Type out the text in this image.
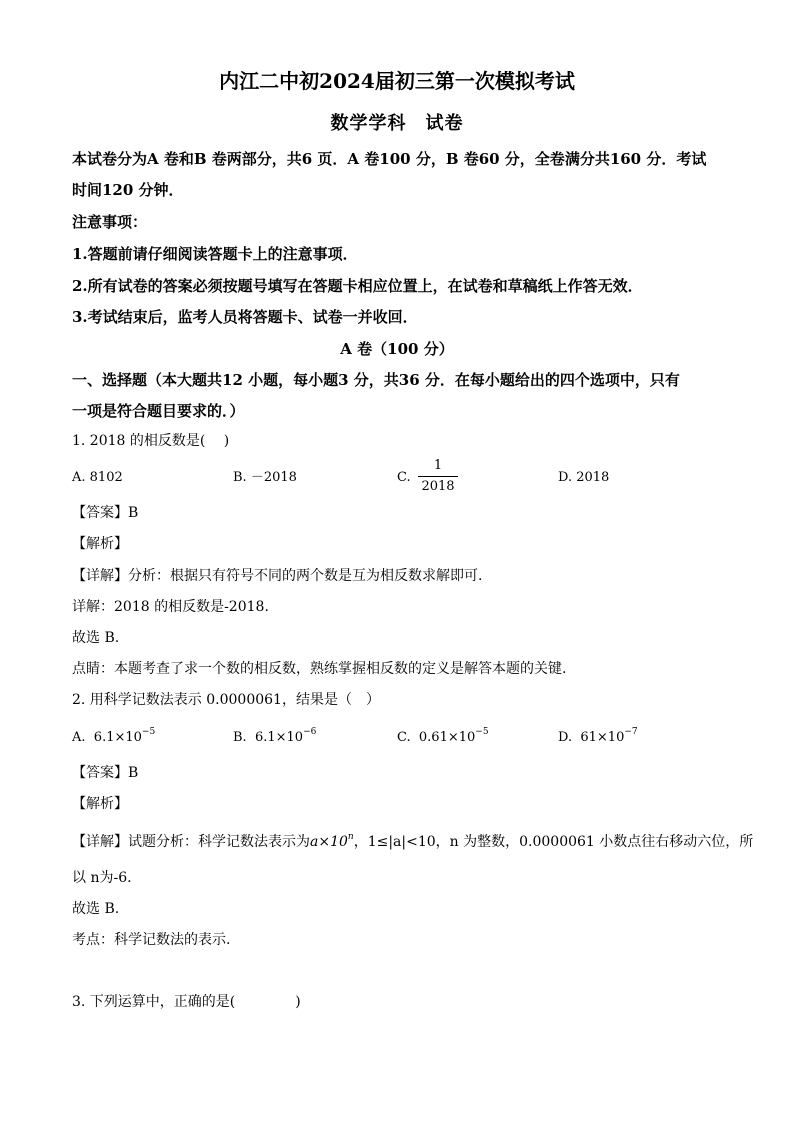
内江二中初2024届初三第一次模拟考试
数学学科　试卷
本试卷分为A 卷和B 卷两部分，共6 页．A 卷100 分，B 卷60 分，全卷满分共160 分．考试
时间120 分钟．
注意事项：
1.答题前请仔细阅读答题卡上的注意事项．
2.所有试卷的答案必须按题号填写在答题卡相应位置上，在试卷和草稿纸上作答无效．
3.考试结束后，监考人员将答题卡、试卷一并收回．
A 卷（100 分）
一、选择题（本大题共12 小题，每小题3 分，共36 分．在每小题给出的四个选项中，只有
一项是符合题目要求的．）
1. 2018 的相反数是(　 )
A. 8102	B. －2018	C.
1
2018
D. 2018
【答案】B
【解析】
【详解】分析：根据只有符号不同的两个数是互为相反数求解即可.
详解：2018 的相反数是-2018.
故选 B.
点睛：本题考查了求一个数的相反数，熟练掌握相反数的定义是解答本题的关键.
2. 用科学记数法表示 0.0000061，结果是（　）
A. $6.1\times 10^{-5}$	B. $6.1\times 10^{-6}$	C. $0.61\times 10^{-5}$	D. $61\times 10^{-7}$
【答案】B
【解析】
【详解】试题分析：科学记数法表示为$a\times 10^n$，1≤|a|<10，n 为整数，0.0000061 小数点往右移动六位，所
以 n为-6.
故选 B.
考点：科学记数法的表示.
3. 下列运算中，正确的是(	)
